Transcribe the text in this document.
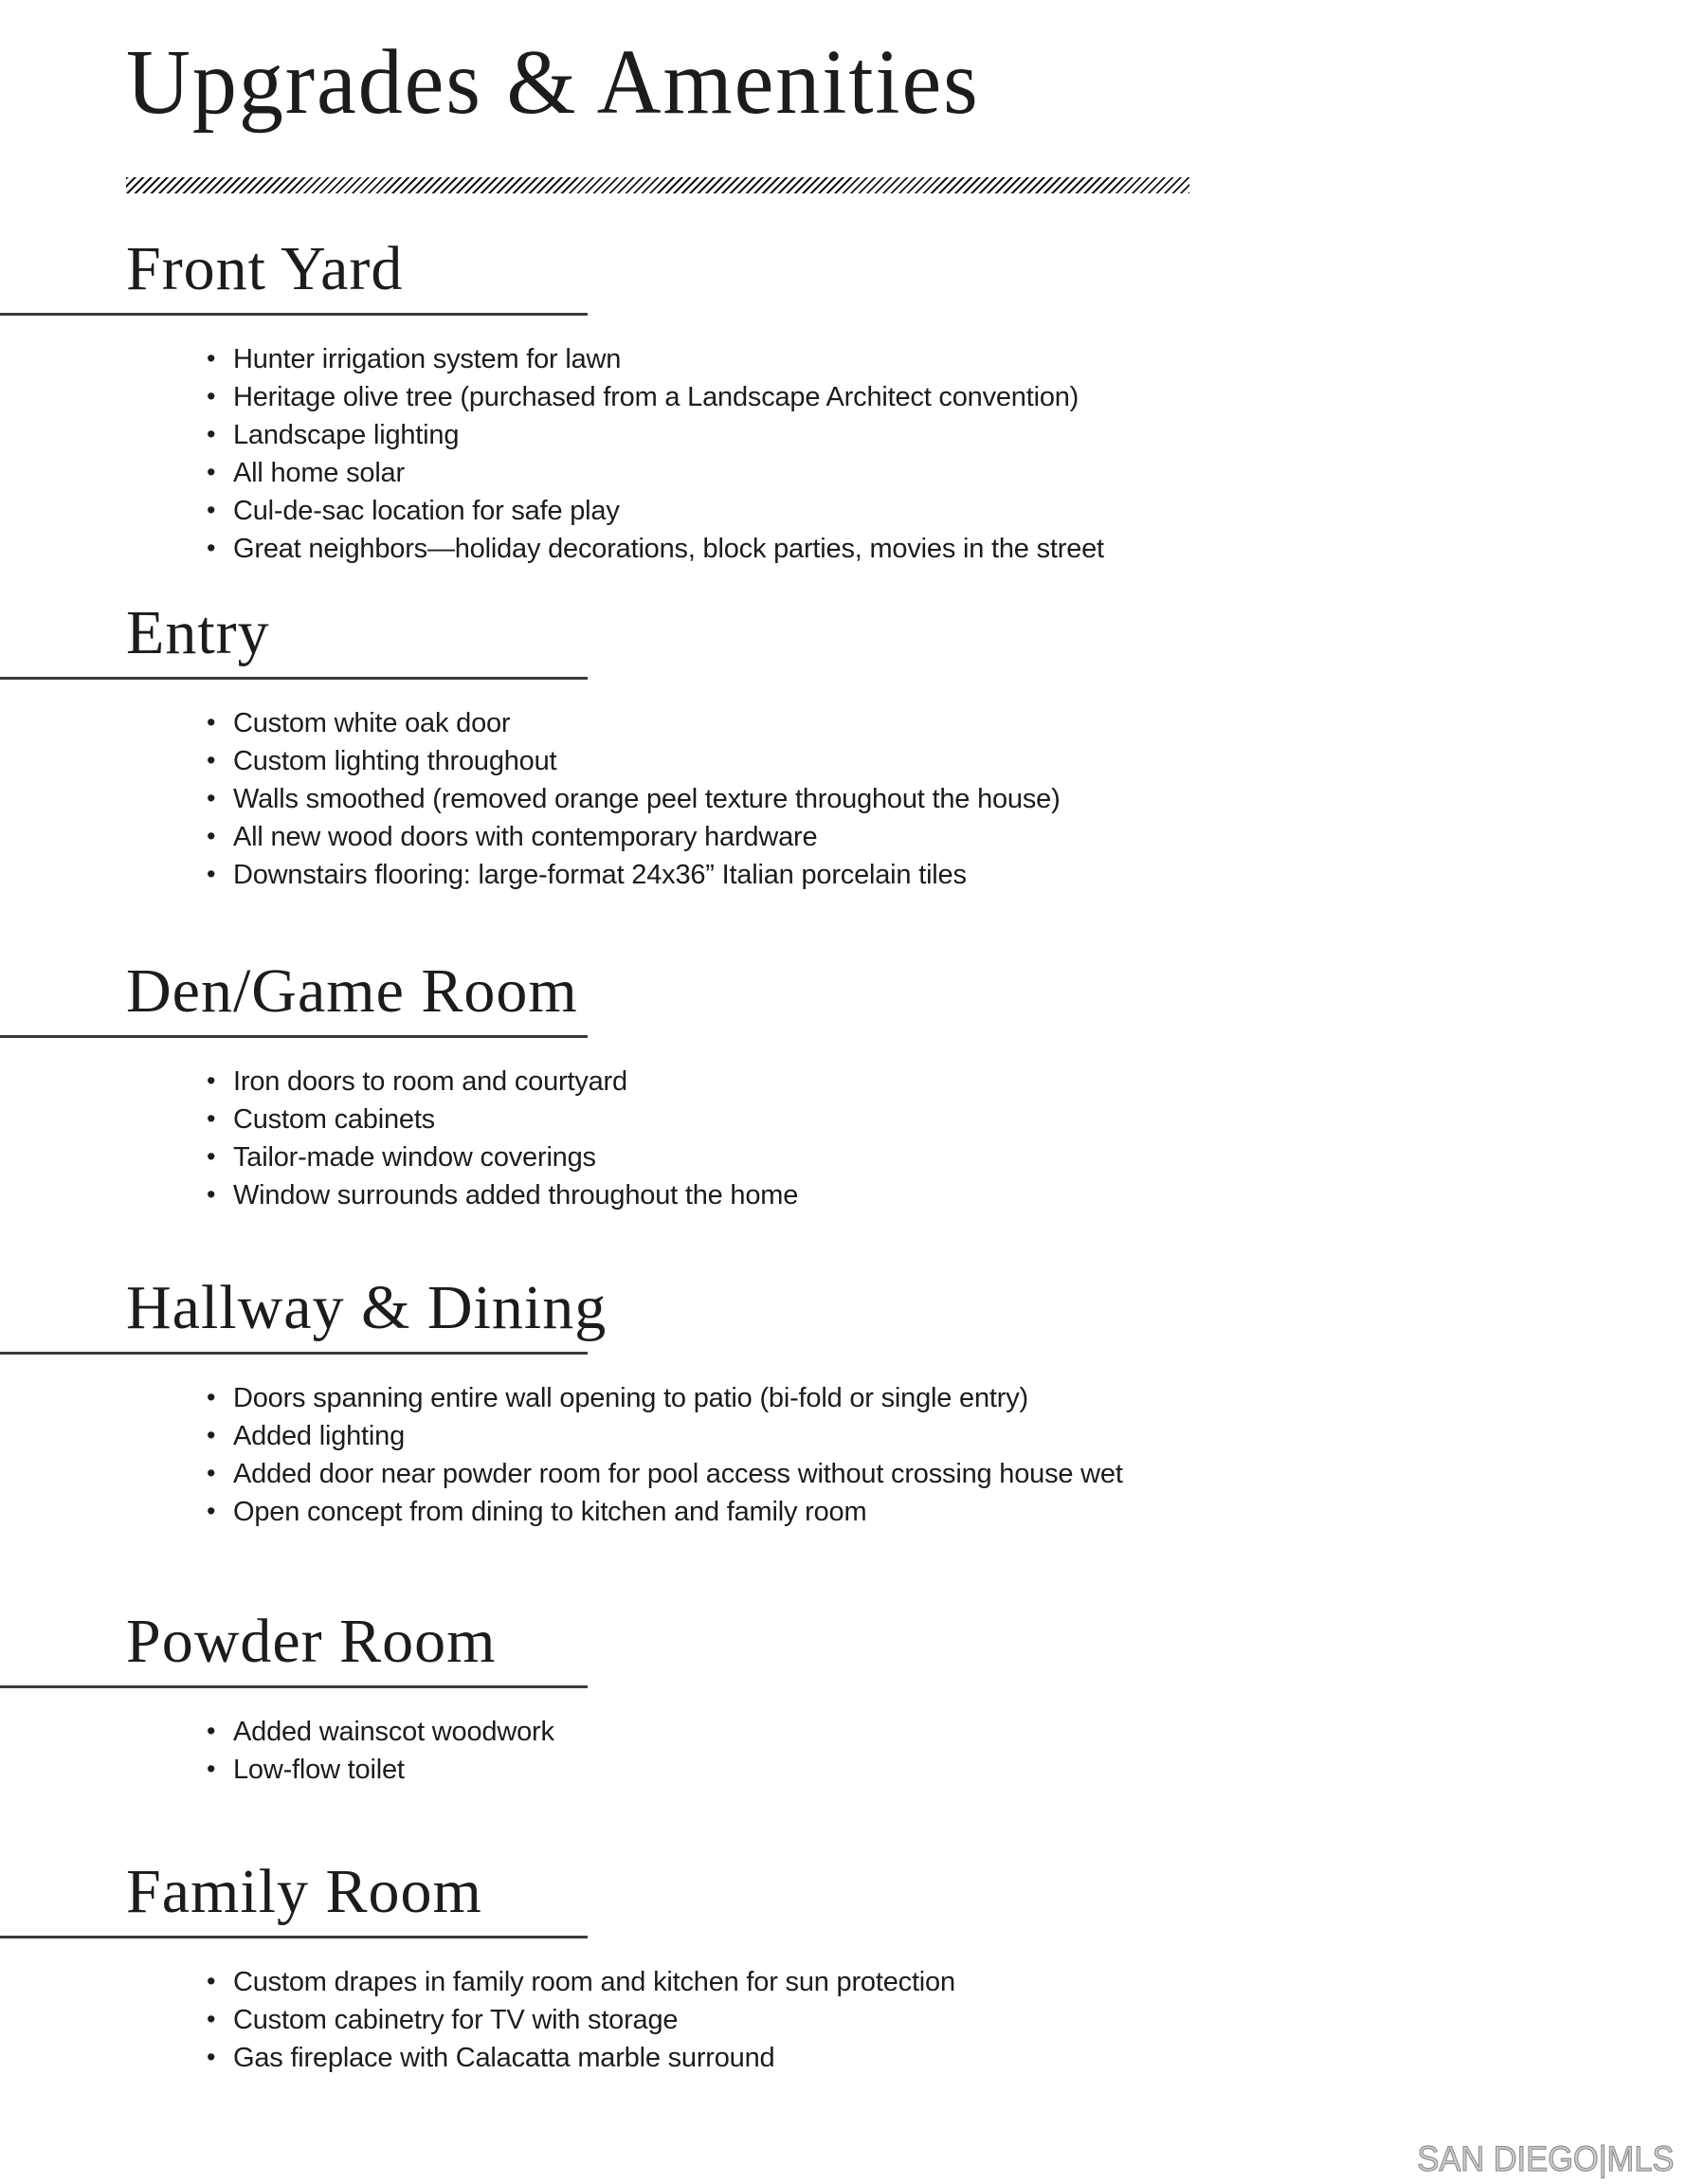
Upgrades & Amenities
Front Yard
• Hunter irrigation system for lawn
• Heritage olive tree (purchased from a Landscape Architect convention)
• Landscape lighting
• All home solar
• Cul-de-sac location for safe play
• Great neighbors—holiday decorations, block parties, movies in the street
Entry
• Custom white oak door
• Custom lighting throughout
• Walls smoothed (removed orange peel texture throughout the house)
• All new wood doors with contemporary hardware
• Downstairs flooring: large-format 24x36” Italian porcelain tiles
Den/Game Room
• Iron doors to room and courtyard
• Custom cabinets
• Tailor-made window coverings
• Window surrounds added throughout the home
Hallway & Dining
• Doors spanning entire wall opening to patio (bi-fold or single entry)
• Added lighting
• Added door near powder room for pool access without crossing house wet
• Open concept from dining to kitchen and family room
Powder Room
• Added wainscot woodwork
• Low-flow toilet
Family Room
• Custom drapes in family room and kitchen for sun protection
• Custom cabinetry for TV with storage
• Gas fireplace with Calacatta marble surround
SAN DIEGO|MLS
